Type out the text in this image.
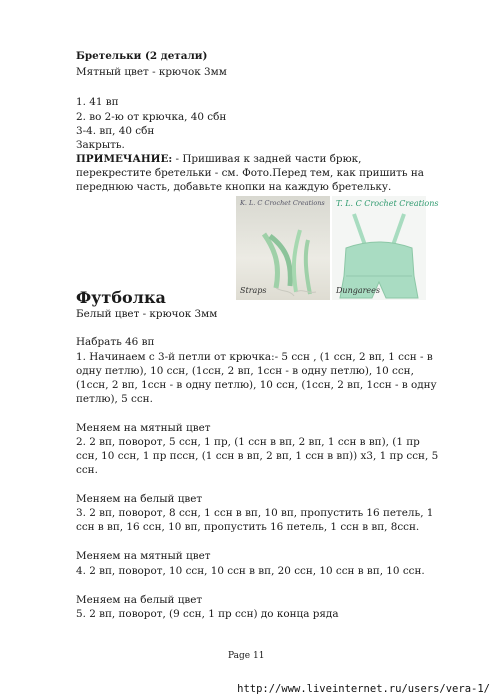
Бретельки (2 детали)
Мятный цвет - крючок 3мм
1. 41 вп
2. во 2-ю от крючка, 40 сбн
3-4. вп, 40 сбн
Закрыть.
ПРИМЕЧАНИЕ: - Пришивая к задней части брюк,
перекрестите бретельки - см. Фото.Перед тем, как пришить на
переднюю часть, добавьте кнопки на каждую бретельку.
K. L. C Crochet Creations
Straps
T. L. C Crochet Creations
Dungarees
Футболка
Белый цвет - крючок 3мм
Набрать 46 вп
1. Начинаем с 3-й петли от крючка:- 5 ссн , (1 ссн, 2 вп, 1 ссн - в
одну петлю), 10 ссн, (1ссн, 2 вп, 1ссн - в одну петлю), 10 ссн,
(1ссн, 2 вп, 1ссн - в одну петлю), 10 ссн, (1ссн, 2 вп, 1ссн - в одну
петлю), 5 ссн.
Меняем на мятный цвет
2. 2 вп, поворот, 5 ссн, 1 пр, (1 ссн в вп, 2 вп, 1 ссн в вп), (1 пр
ссн, 10 ссн, 1 пр пссн, (1 ссн в вп, 2 вп, 1 ссн в вп)) х3, 1 пр ссн, 5
ссн.
Меняем на белый цвет
3. 2 вп, поворот, 8 ссн, 1 ссн в вп, 10 вп, пропустить 16 петель, 1
ссн в вп, 16 ссн, 10 вп, пропустить 16 петель, 1 ссн в вп, 8ссн.
Меняем на мятный цвет
4. 2 вп, поворот, 10 ссн, 10 ссн в вп, 20 ссн, 10 ссн в вп, 10 ссн.
Меняем на белый цвет
5. 2 вп, поворот, (9 ссн, 1 пр ссн) до конца ряда
Page 11
http://www.liveinternet.ru/users/vera-1/
